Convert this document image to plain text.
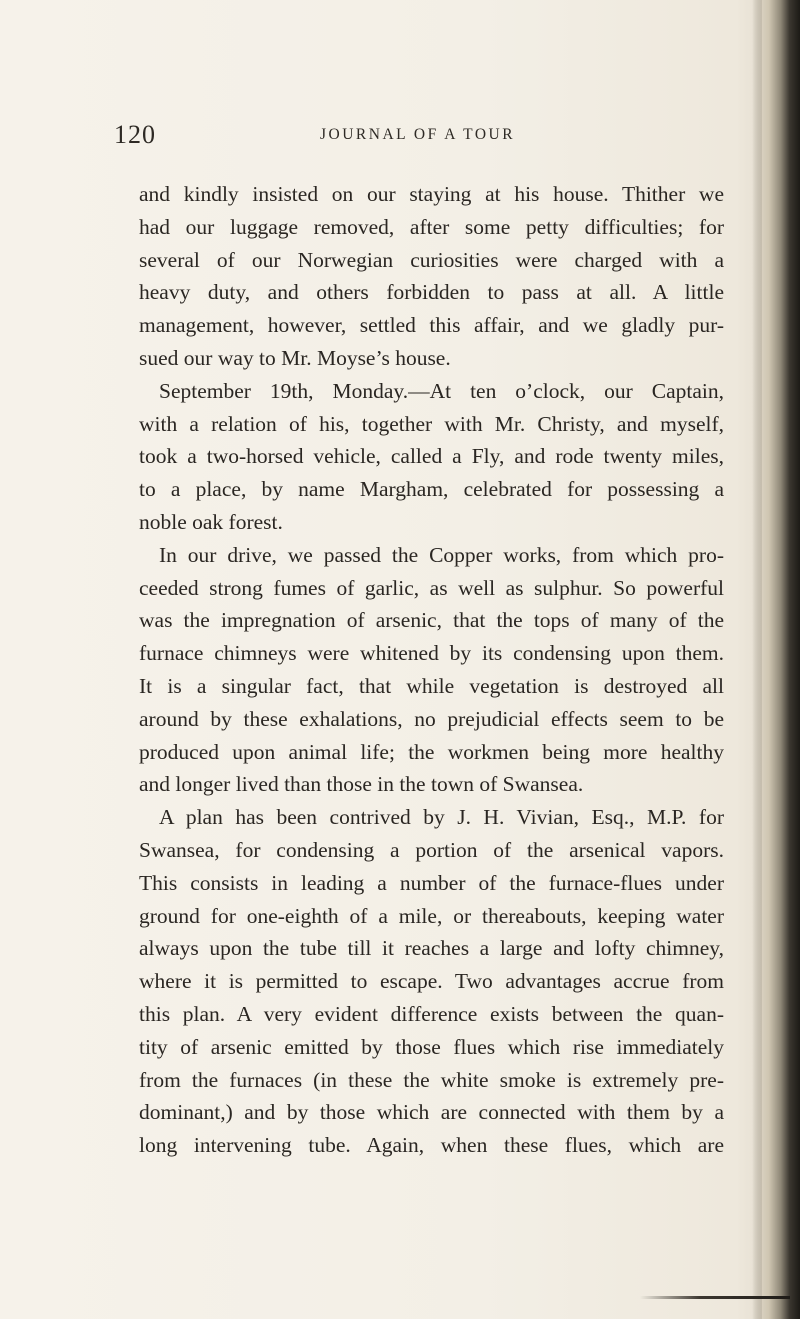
120	JOURNAL OF A TOUR
and kindly insisted on our staying at his house. Thither we
had our luggage removed, after some petty difficulties; for
several of our Norwegian curiosities were charged with a
heavy duty, and others forbidden to pass at all. A little
management, however, settled this affair, and we gladly pur-
sued our way to Mr. Moyse’s house.
September 19th, Monday.—At ten o’clock, our Captain,
with a relation of his, together with Mr. Christy, and myself,
took a two-horsed vehicle, called a Fly, and rode twenty miles,
to a place, by name Margham, celebrated for possessing a
noble oak forest.
In our drive, we passed the Copper works, from which pro-
ceeded strong fumes of garlic, as well as sulphur. So powerful
was the impregnation of arsenic, that the tops of many of the
furnace chimneys were whitened by its condensing upon them.
It is a singular fact, that while vegetation is destroyed all
around by these exhalations, no prejudicial effects seem to be
produced upon animal life; the workmen being more healthy
and longer lived than those in the town of Swansea.
A plan has been contrived by J. H. Vivian, Esq., M.P. for
Swansea, for condensing a portion of the arsenical vapors.
This consists in leading a number of the furnace-flues under
ground for one-eighth of a mile, or thereabouts, keeping water
always upon the tube till it reaches a large and lofty chimney,
where it is permitted to escape. Two advantages accrue from
this plan. A very evident difference exists between the quan-
tity of arsenic emitted by those flues which rise immediately
from the furnaces (in these the white smoke is extremely pre-
dominant,) and by those which are connected with them by a
long intervening tube. Again, when these flues, which are
